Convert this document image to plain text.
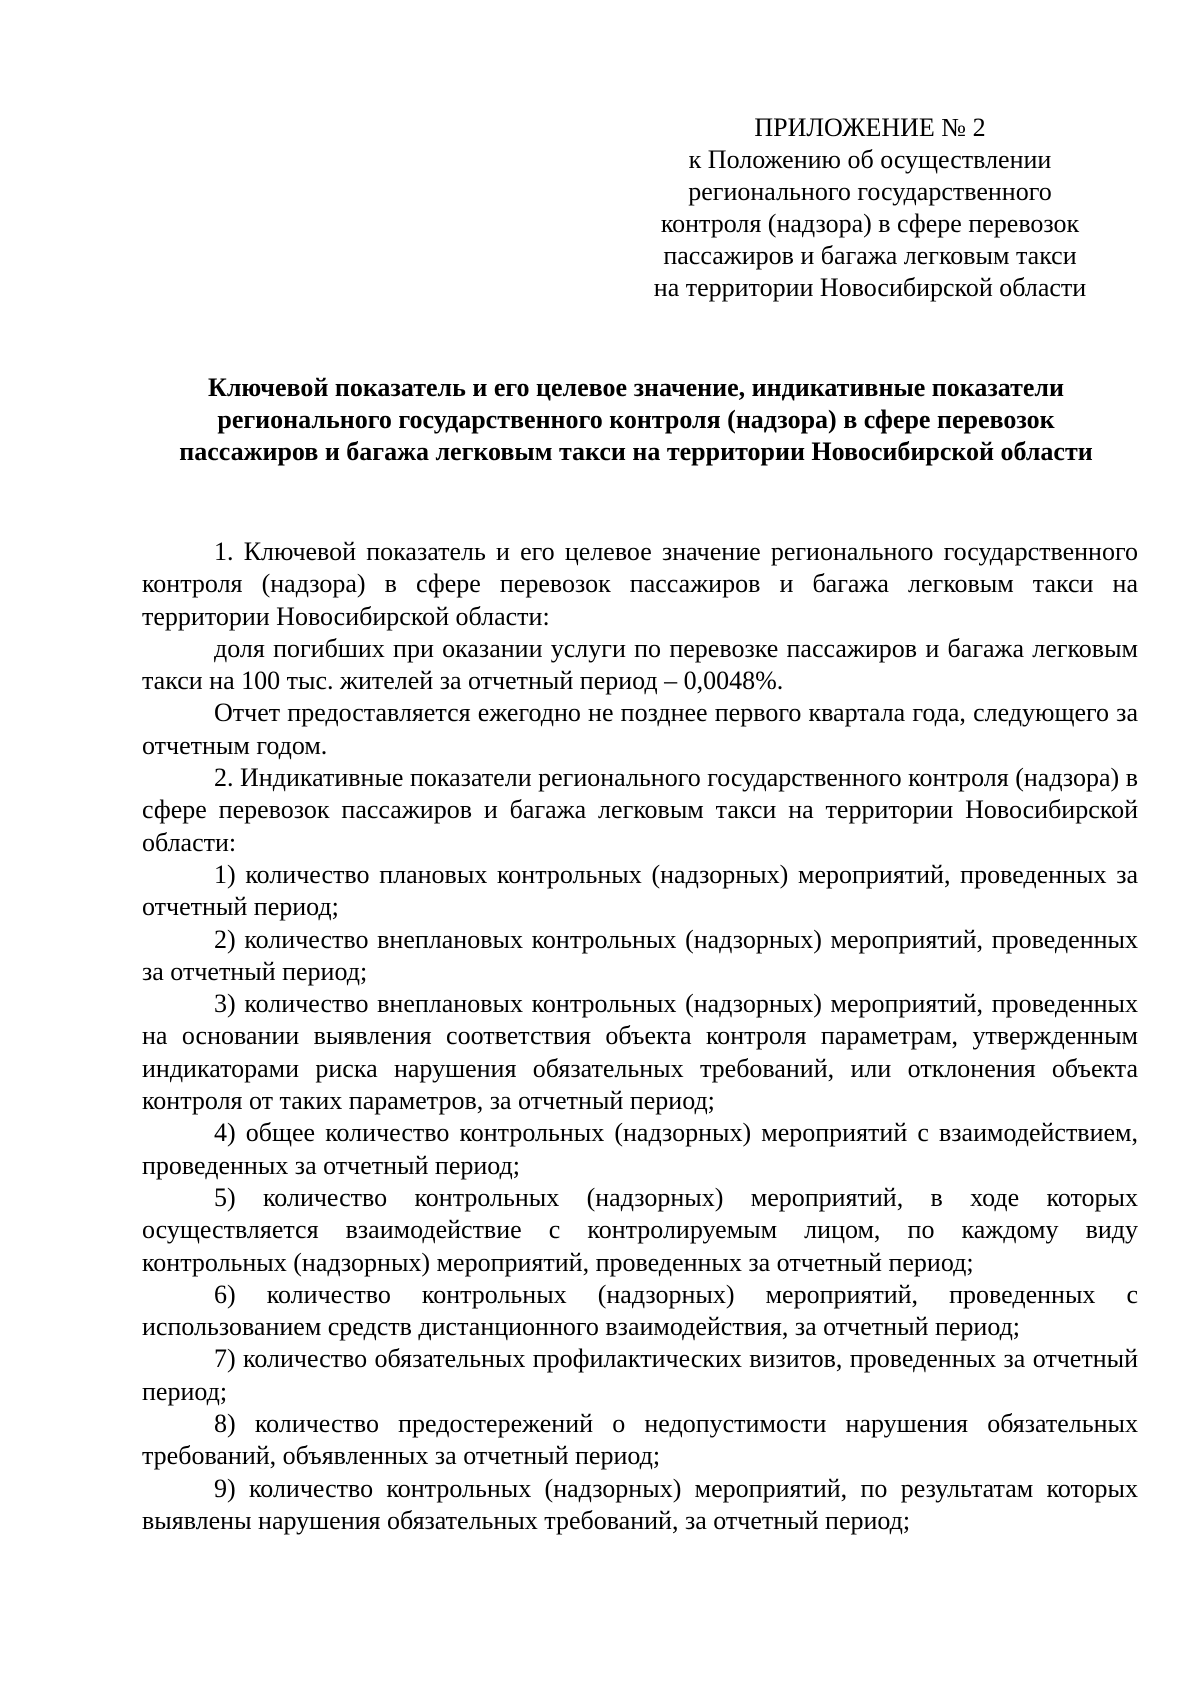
ПРИЛОЖЕНИЕ № 2
к Положению об осуществлении
регионального государственного
контроля (надзора) в сфере перевозок
пассажиров и багажа легковым такси
на территории Новосибирской области
Ключевой показатель и его целевое значение, индикативные показатели
регионального государственного контроля (надзора) в сфере перевозок
пассажиров и багажа легковым такси на территории Новосибирской области

1. Ключевой показатель и его целевое значение регионального государственного контроля (надзора) в сфере перевозок пассажиров и багажа легковым такси на территории Новосибирской области:

доля погибших при оказании услуги по перевозке пассажиров и багажа легковым такси на 100 тыс. жителей за отчетный период – 0,0048%.

Отчет предоставляется ежегодно не позднее первого квартала года, следующего за отчетным годом.

2. Индикативные показатели регионального государственного контроля (надзора) в сфере перевозок пассажиров и багажа легковым такси на территории Новосибирской области:

1) количество плановых контрольных (надзорных) мероприятий, проведенных за отчетный период;

2) количество внеплановых контрольных (надзорных) мероприятий, проведенных за отчетный период;

3) количество внеплановых контрольных (надзорных) мероприятий, проведенных на основании выявления соответствия объекта контроля параметрам, утвержденным индикаторами риска нарушения обязательных требований, или отклонения объекта контроля от таких параметров, за отчетный период;

4) общее количество контрольных (надзорных) мероприятий с взаимодействием, проведенных за отчетный период;

5) количество контрольных (надзорных) мероприятий, в ходе которых осуществляется взаимодействие с контролируемым лицом, по каждому виду контрольных (надзорных) мероприятий, проведенных за отчетный период;

6) количество контрольных (надзорных) мероприятий, проведенных с использованием средств дистанционного взаимодействия, за отчетный период;

7) количество обязательных профилактических визитов, проведенных за отчетный период;

8) количество предостережений о недопустимости нарушения обязательных требований, объявленных за отчетный период;

9) количество контрольных (надзорных) мероприятий, по результатам которых выявлены нарушения обязательных требований, за отчетный период;
